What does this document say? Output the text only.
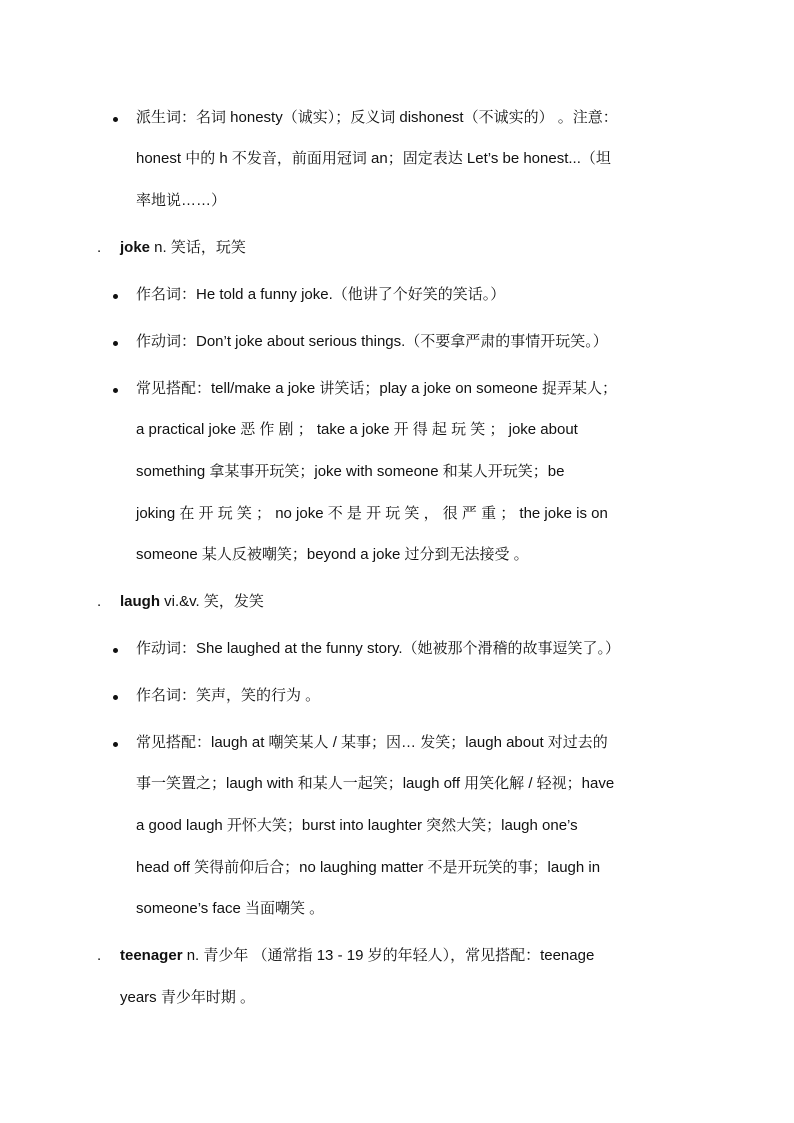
派生词：名词 honesty（诚实）；反义词 dishonest（不诚实的） 。注意：
honest 中的 h 不发音，前面用冠词 an；固定表达 Let’s be honest...（坦
率地说……）
. joke n. 笑话，玩笑
作名词：He told a funny joke.（他讲了个好笑的笑话。）
作动词：Don’t joke about serious things.（不要拿严肃的事情开玩笑。）
常见搭配：tell/make a joke 讲笑话；play a joke on someone 捉弄某人；
a practical joke 恶 作 剧 ； take a joke 开 得 起 玩 笑 ； joke about
something 拿某事开玩笑；joke with someone 和某人开玩笑；be
joking 在 开 玩 笑 ； no joke 不 是 开 玩 笑 ， 很 严 重 ； the joke is on
someone 某人反被嘲笑；beyond a joke 过分到无法接受 。
. laugh vi.&v. 笑，发笑
作动词：She laughed at the funny story.（她被那个滑稽的故事逗笑了。）
作名词：笑声，笑的行为 。
常见搭配：laugh at 嘲笑某人 / 某事；因… 发笑；laugh about 对过去的
事一笑置之；laugh with 和某人一起笑；laugh off 用笑化解 / 轻视；have
a good laugh 开怀大笑；burst into laughter 突然大笑；laugh one’s
head off 笑得前仰后合；no laughing matter 不是开玩笑的事；laugh in
someone’s face 当面嘲笑 。
. teenager n. 青少年 （通常指 13 - 19 岁的年轻人），常见搭配：teenage
years 青少年时期 。
